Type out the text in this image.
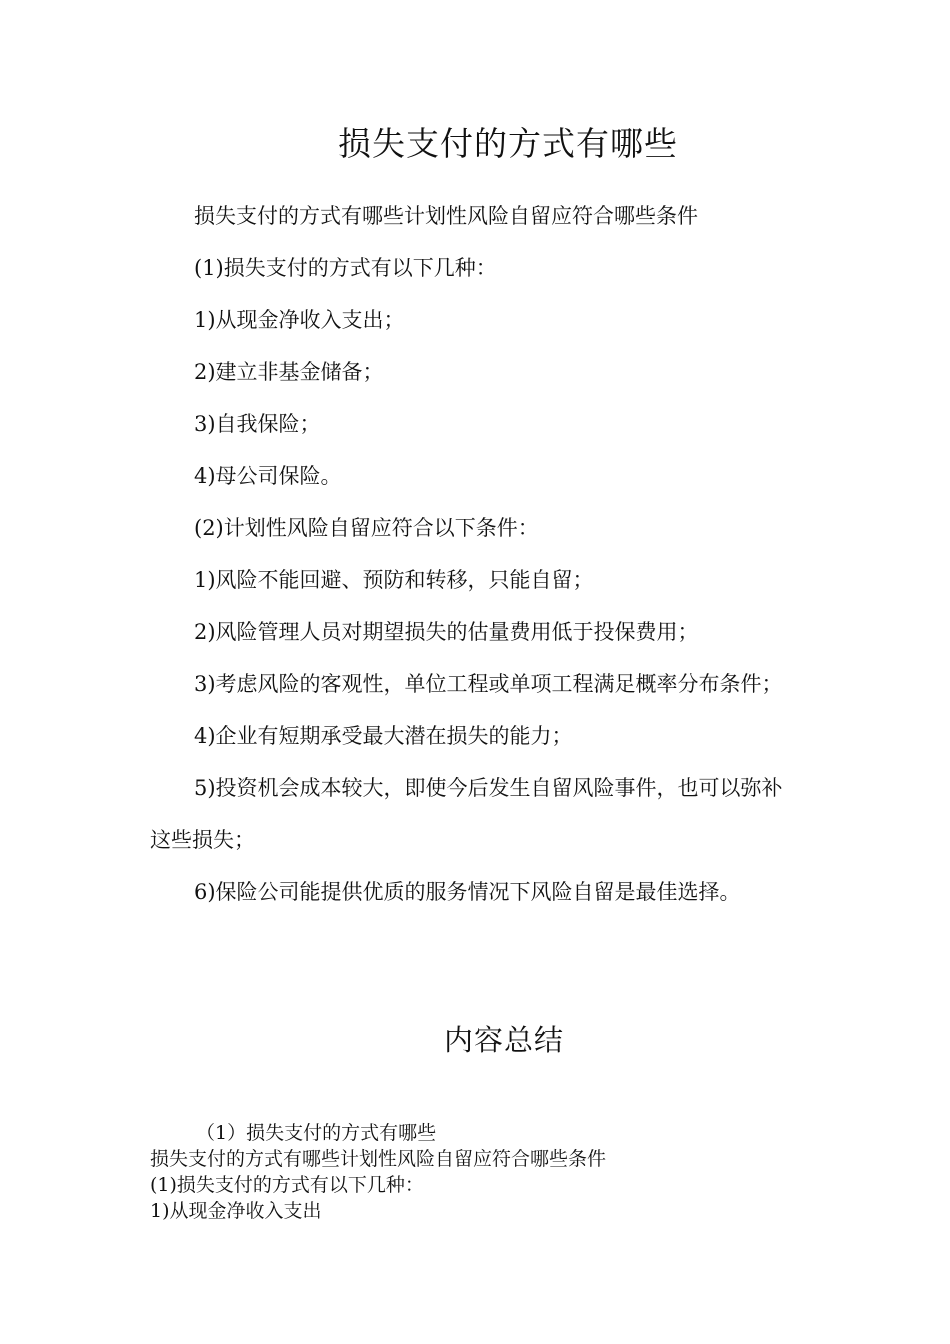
损失支付的方式有哪些

损失支付的方式有哪些计划性风险自留应符合哪些条件

(1)损失支付的方式有以下几种：

1)从现金净收入支出；

2)建立非基金储备；

3)自我保险；

4)母公司保险。

(2)计划性风险自留应符合以下条件：

1)风险不能回避、预防和转移，只能自留；

2)风险管理人员对期望损失的估量费用低于投保费用；

3)考虑风险的客观性，单位工程或单项工程满足概率分布条件；

4)企业有短期承受最大潜在损失的能力；

5)投资机会成本较大，即使今后发生自留风险事件，也可以弥补这些损失；

6)保险公司能提供优质的服务情况下风险自留是最佳选择。

内容总结

（1）损失支付的方式有哪些

损失支付的方式有哪些计划性风险自留应符合哪些条件

(1)损失支付的方式有以下几种：

1)从现金净收入支出
